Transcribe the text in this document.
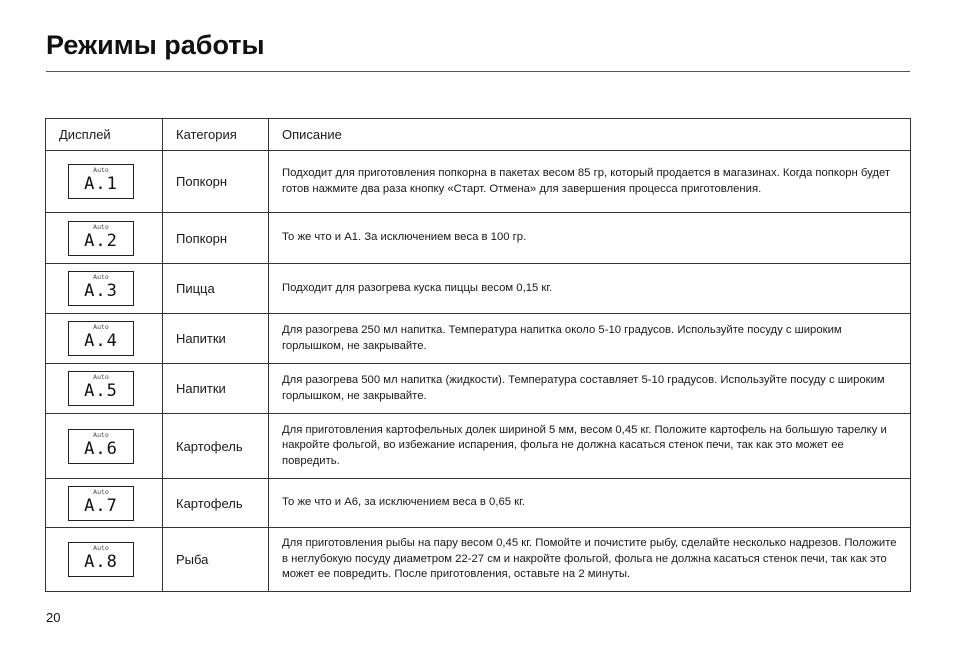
Режимы работы
Дисплей	Категория	Описание

Auto
A.1	Попкорн	Подходит для приготовления попкорна в пакетах весом 85 гр, который продается в магазинах. Когда попкорн будет готов нажмите два раза кнопку «Старт. Отмена» для завершения процесса приготовления.

Auto
A.2	Попкорн	То же что и А1. За исключением веса в 100 гр.

Auto
A.3	Пицца	Подходит для разогрева куска пиццы весом 0,15 кг.

Auto
A.4	Напитки	Для разогрева 250 мл напитка. Температура напитка около 5-10 градусов. Используйте посуду с широким горлышком, не закрывайте.

Auto
A.5	Напитки	Для разогрева 500 мл напитка (жидкости). Температура составляет 5-10 градусов. Используйте посуду с широким горлышком, не закрывайте.

Auto
A.6	Картофель	Для приготовления картофельных долек шириной 5 мм, весом 0,45 кг. Положите картофель на большую тарелку и накройте фольгой, во избежание испарения, фольга не должна касаться стенок печи, так как это может ее повредить.

Auto
A.7	Картофель	То же что и А6, за исключением веса в 0,65 кг.

Auto
A.8	Рыба	Для приготовления рыбы на пару весом 0,45 кг. Помойте и почистите рыбу, сделайте несколько надрезов. Положите в неглубокую посуду диаметром 22-27 см и накройте фольгой, фольга не должна касаться стенок печи, так как это может ее повредить. После приготовления, оставьте на 2 минуты.
20
